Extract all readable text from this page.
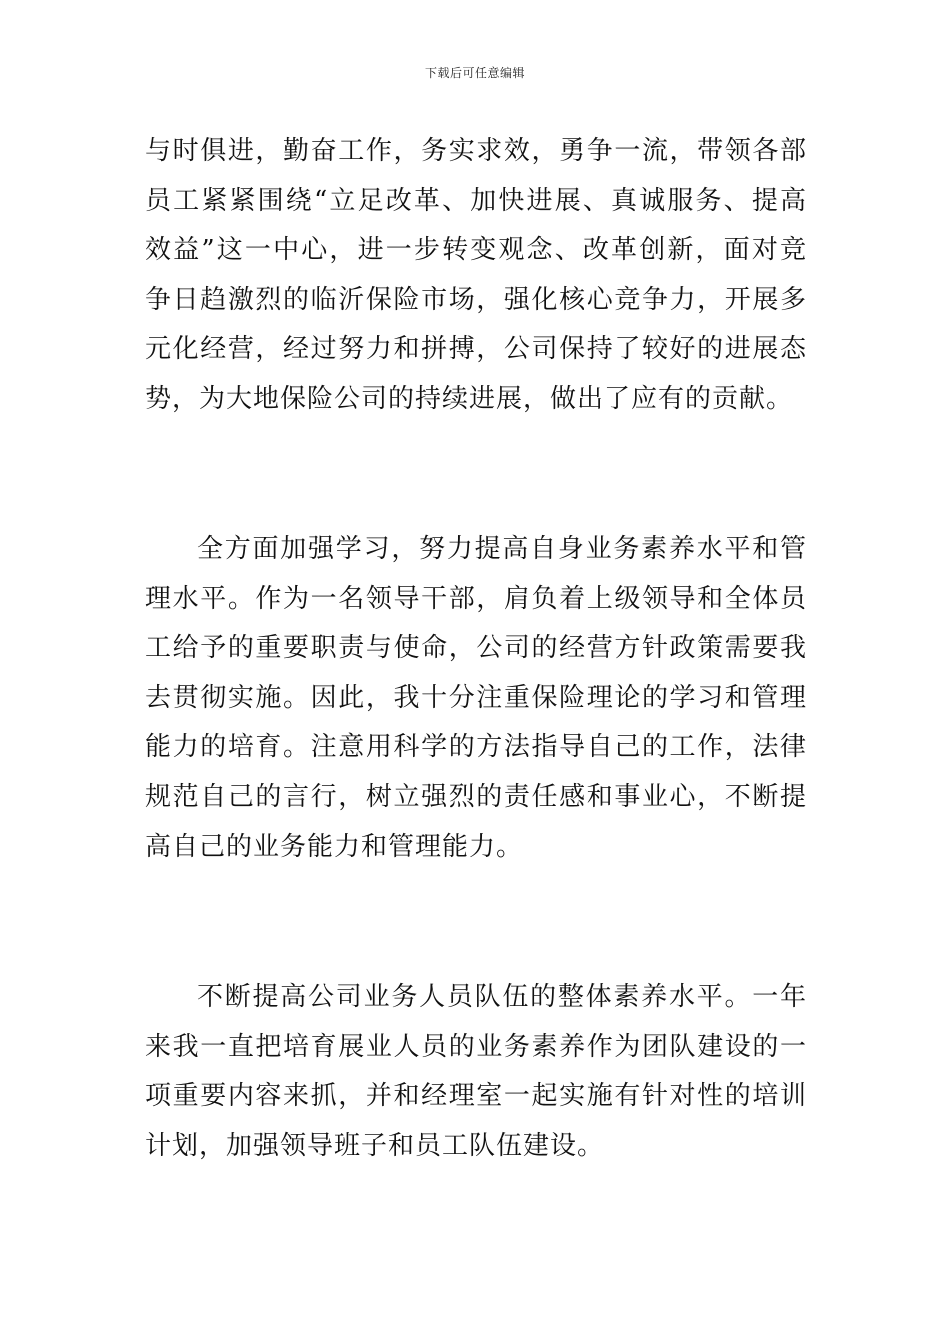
下载后可任意编辑

与时俱进，勤奋工作，务实求效，勇争一流，带领各部员工紧紧围绕“立足改革、加快进展、真诚服务、提高效益”这一中心，进一步转变观念、改革创新，面对竞争日趋激烈的临沂保险市场，强化核心竞争力，开展多元化经营，经过努力和拼搏，公司保持了较好的进展态势，为大地保险公司的持续进展，做出了应有的贡献。

全方面加强学习，努力提高自身业务素养水平和管理水平。作为一名领导干部，肩负着上级领导和全体员工给予的重要职责与使命，公司的经营方针政策需要我去贯彻实施。因此，我十分注重保险理论的学习和管理能力的培育。注意用科学的方法指导自己的工作，法律规范自己的言行，树立强烈的责任感和事业心，不断提高自己的业务能力和管理能力。

不断提高公司业务人员队伍的整体素养水平。一年来我一直把培育展业人员的业务素养作为团队建设的一项重要内容来抓，并和经理室一起实施有针对性的培训计划，加强领导班子和员工队伍建设。
